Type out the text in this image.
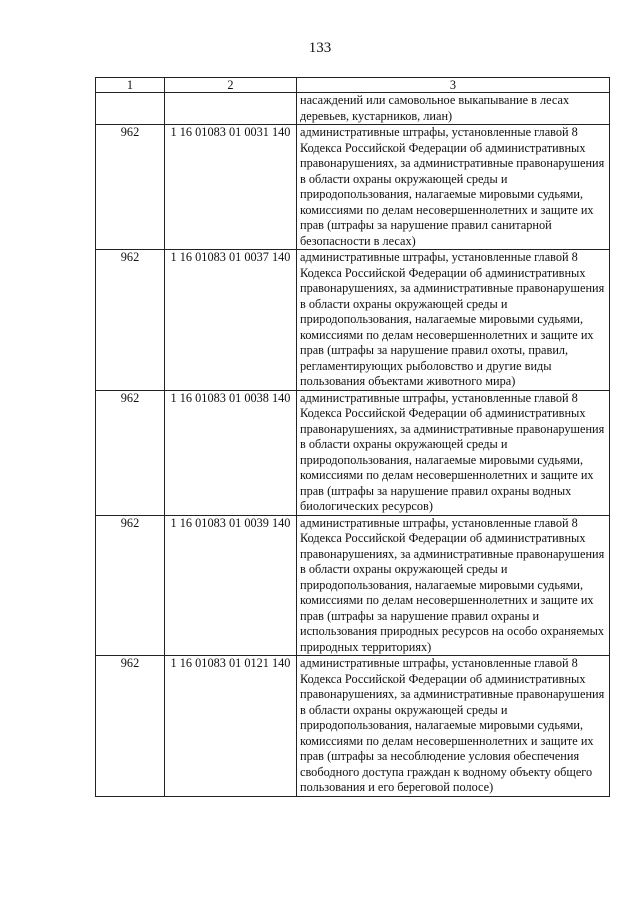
133
1	2	3
		насаждений или самовольное выкапывание в лесах деревьев, кустарников, лиан)
962	1 16 01083 01 0031 140	административные штрафы, установленные главой 8 Кодекса Российской Федерации об административных правонарушениях, за административные правонарушения в области охраны окружающей среды и природопользования, налагаемые мировыми судьями, комиссиями по делам несовершеннолетних и защите их прав (штрафы за нарушение правил санитарной безопасности в лесах)
962	1 16 01083 01 0037 140	административные штрафы, установленные главой 8 Кодекса Российской Федерации об административных правонарушениях, за административные правонарушения в области охраны окружающей среды и природопользования, налагаемые мировыми судьями, комиссиями по делам несовершеннолетних и защите их прав (штрафы за нарушение правил охоты, правил, регламентирующих рыболовство и другие виды пользования объектами животного мира)
962	1 16 01083 01 0038 140	административные штрафы, установленные главой 8 Кодекса Российской Федерации об административных правонарушениях, за административные правонарушения в области охраны окружающей среды и природопользования, налагаемые мировыми судьями, комиссиями по делам несовершеннолетних и защите их прав (штрафы за нарушение правил охраны водных биологических ресурсов)
962	1 16 01083 01 0039 140	административные штрафы, установленные главой 8 Кодекса Российской Федерации об административных правонарушениях, за административные правонарушения в области охраны окружающей среды и природопользования, налагаемые мировыми судьями, комиссиями по делам несовершеннолетних и защите их прав (штрафы за нарушение правил охраны и использования природных ресурсов на особо охраняемых природных территориях)
962	1 16 01083 01 0121 140	административные штрафы, установленные главой 8 Кодекса Российской Федерации об административных правонарушениях, за административные правонарушения в области охраны окружающей среды и природопользования, налагаемые мировыми судьями, комиссиями по делам несовершеннолетних и защите их прав (штрафы за несоблюдение условия обеспечения свободного доступа граждан к водному объекту общего пользования и его береговой полосе)
